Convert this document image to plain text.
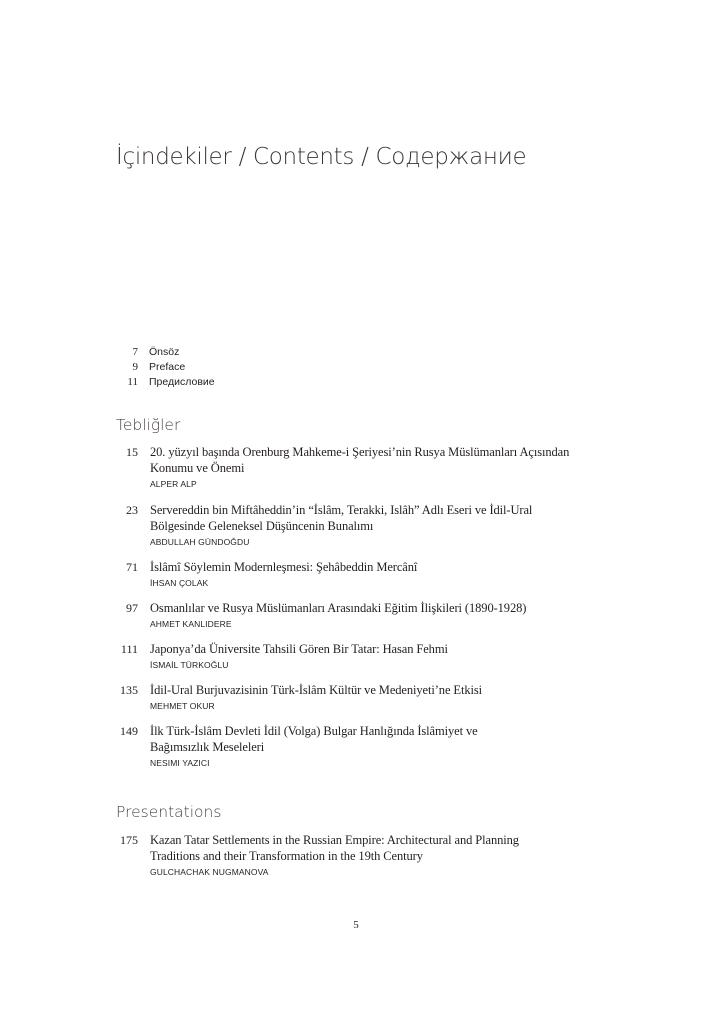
İçindekiler / Contents / Содержание
7 Önsöz
9 Preface
11 Предисловие
Tebliğler
15 20. yüzyıl başında Orenburg Mahkeme-i Şeriyesi’nin Rusya Müslümanları Açısından
Konumu ve Önemi
ALPER ALP
23 Servereddin bin Miftâheddin’in “İslâm, Terakki, Islâh” Adlı Eseri ve İdil-Ural
Bölgesinde Geleneksel Düşüncenin Bunalımı
ABDULLAH GÜNDOĞDU
71 İslâmî Söylemin Modernleşmesi: Şehâbeddin Mercânî
İHSAN ÇOLAK
97 Osmanlılar ve Rusya Müslümanları Arasındaki Eğitim İlişkileri (1890-1928)
AHMET KANLIDERE
111 Japonya’da Üniversite Tahsili Gören Bir Tatar: Hasan Fehmi
İSMAİL TÜRKOĞLU
135 İdil-Ural Burjuvazisinin Türk-İslâm Kültür ve Medeniyeti’ne Etkisi
MEHMET OKUR
149 İlk Türk-İslâm Devleti İdil (Volga) Bulgar Hanlığında İslâmiyet ve
Bağımsızlık Meseleleri
NESIMI YAZICI
Presentations
175 Kazan Tatar Settlements in the Russian Empire: Architectural and Planning
Traditions and their Transformation in the 19th Century
GULCHACHAK NUGMANOVA
5
